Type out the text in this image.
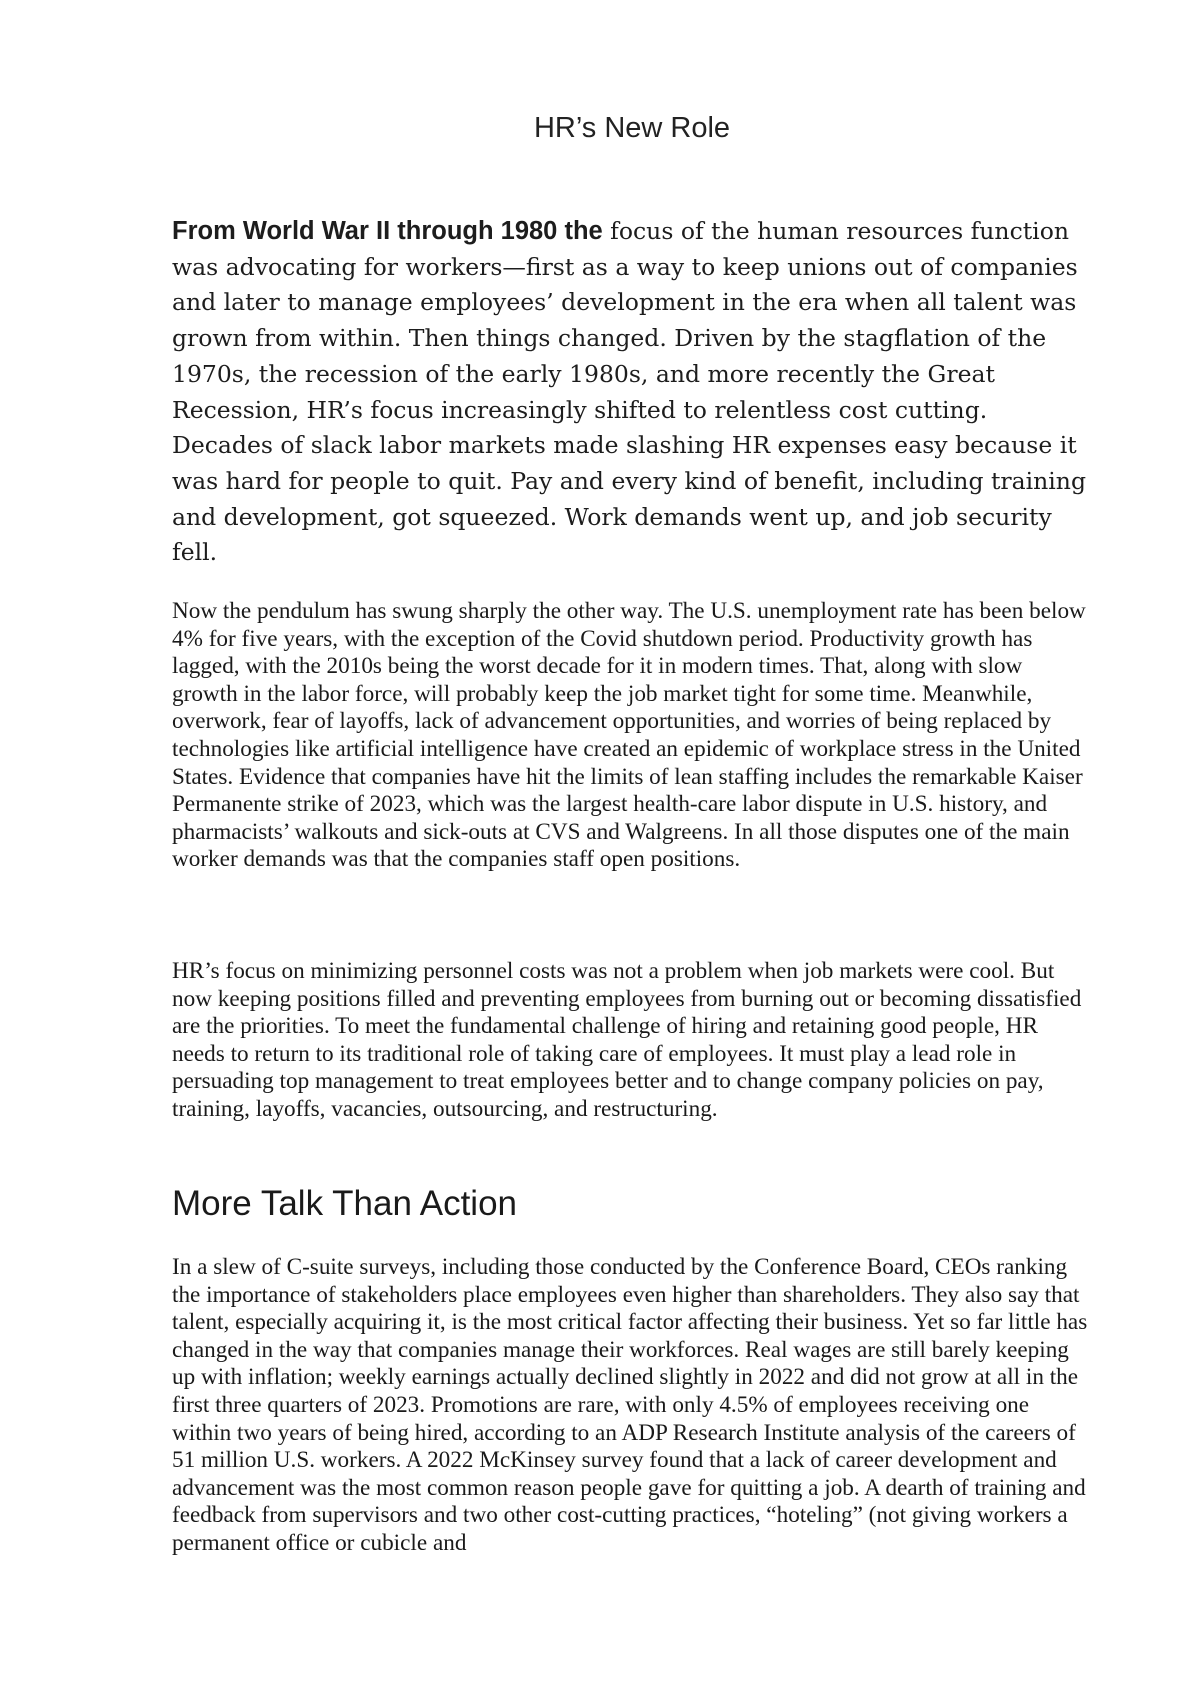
HR’s New Role

From World War II through 1980 the focus of the human resources function was advocating for workers—first as a way to keep unions out of companies and later to manage employees’ development in the era when all talent was grown from within. Then things changed. Driven by the stagflation of the 1970s, the recession of the early 1980s, and more recently the Great Recession, HR’s focus increasingly shifted to relentless cost cutting. Decades of slack labor markets made slashing HR expenses easy because it was hard for people to quit. Pay and every kind of benefit, including training and development, got squeezed. Work demands went up, and job security fell.

Now the pendulum has swung sharply the other way. The U.S. unemployment rate has been below 4% for five years, with the exception of the Covid shutdown period. Productivity growth has lagged, with the 2010s being the worst decade for it in modern times. That, along with slow growth in the labor force, will probably keep the job market tight for some time. Meanwhile, overwork, fear of layoffs, lack of advancement opportunities, and worries of being replaced by technologies like artificial intelligence have created an epidemic of workplace stress in the United States. Evidence that companies have hit the limits of lean staffing includes the remarkable Kaiser Permanente strike of 2023, which was the largest health-care labor dispute in U.S. history, and pharmacists’ walkouts and sick-outs at CVS and Walgreens. In all those disputes one of the main worker demands was that the companies staff open positions.

HR’s focus on minimizing personnel costs was not a problem when job markets were cool. But now keeping positions filled and preventing employees from burning out or becoming dissatisfied are the priorities. To meet the fundamental challenge of hiring and retaining good people, HR needs to return to its traditional role of taking care of employees. It must play a lead role in persuading top management to treat employees better and to change company policies on pay, training, layoffs, vacancies, outsourcing, and restructuring.

More Talk Than Action

In a slew of C-suite surveys, including those conducted by the Conference Board, CEOs ranking the importance of stakeholders place employees even higher than shareholders. They also say that talent, especially acquiring it, is the most critical factor affecting their business. Yet so far little has changed in the way that companies manage their workforces. Real wages are still barely keeping up with inflation; weekly earnings actually declined slightly in 2022 and did not grow at all in the first three quarters of 2023. Promotions are rare, with only 4.5% of employees receiving one within two years of being hired, according to an ADP Research Institute analysis of the careers of 51 million U.S. workers. A 2022 McKinsey survey found that a lack of career development and advancement was the most common reason people gave for quitting a job. A dearth of training and feedback from supervisors and two other cost-cutting practices, “hoteling” (not giving workers a permanent office or cubicle and
